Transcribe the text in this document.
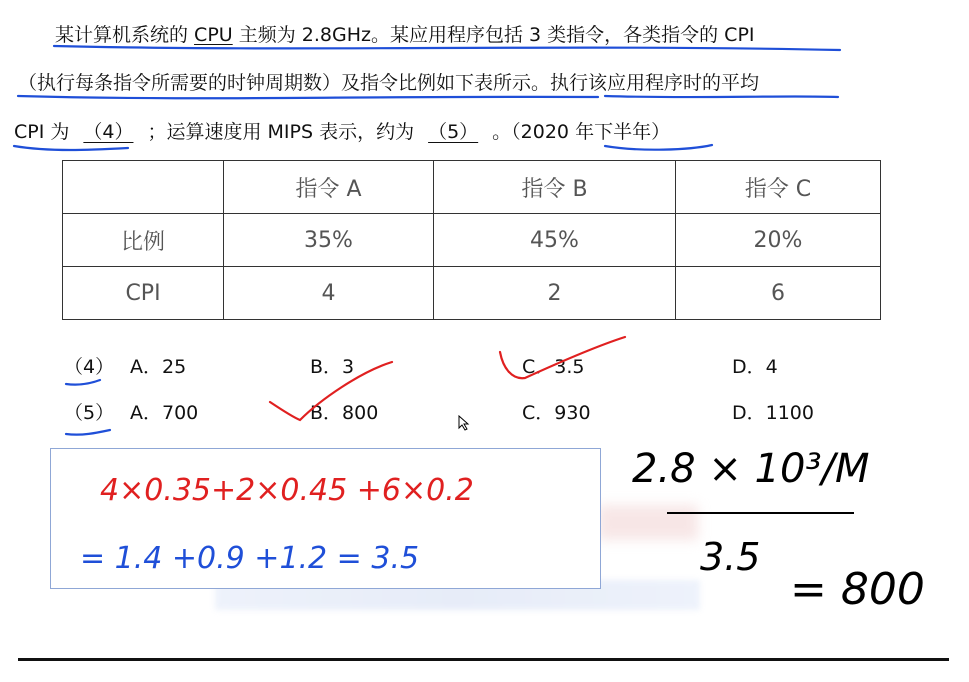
某计算机系统的 CPU 主频为 2.8GHz。某应用程序包括 3 类指令，各类指令的 CPI
（执行每条指令所需要的时钟周期数）及指令比例如下表所示。执行该应用程序时的平均
CPI 为 （4） ；运算速度用 MIPS 表示，约为 （5） 。（2020 年下半年）
	指令 A	指令 B	指令 C
比例	35%	45%	20%
CPI	4	2	6
（4） A．25	B．3	C．3.5	D．4
（5） A．700	B．800	C．930	D．1100
4×0.35+2×0.45 +6×0.2
= 1.4 +0.9 +1.2 = 3.5
2.8 × 10³/M
3.5
= 800
